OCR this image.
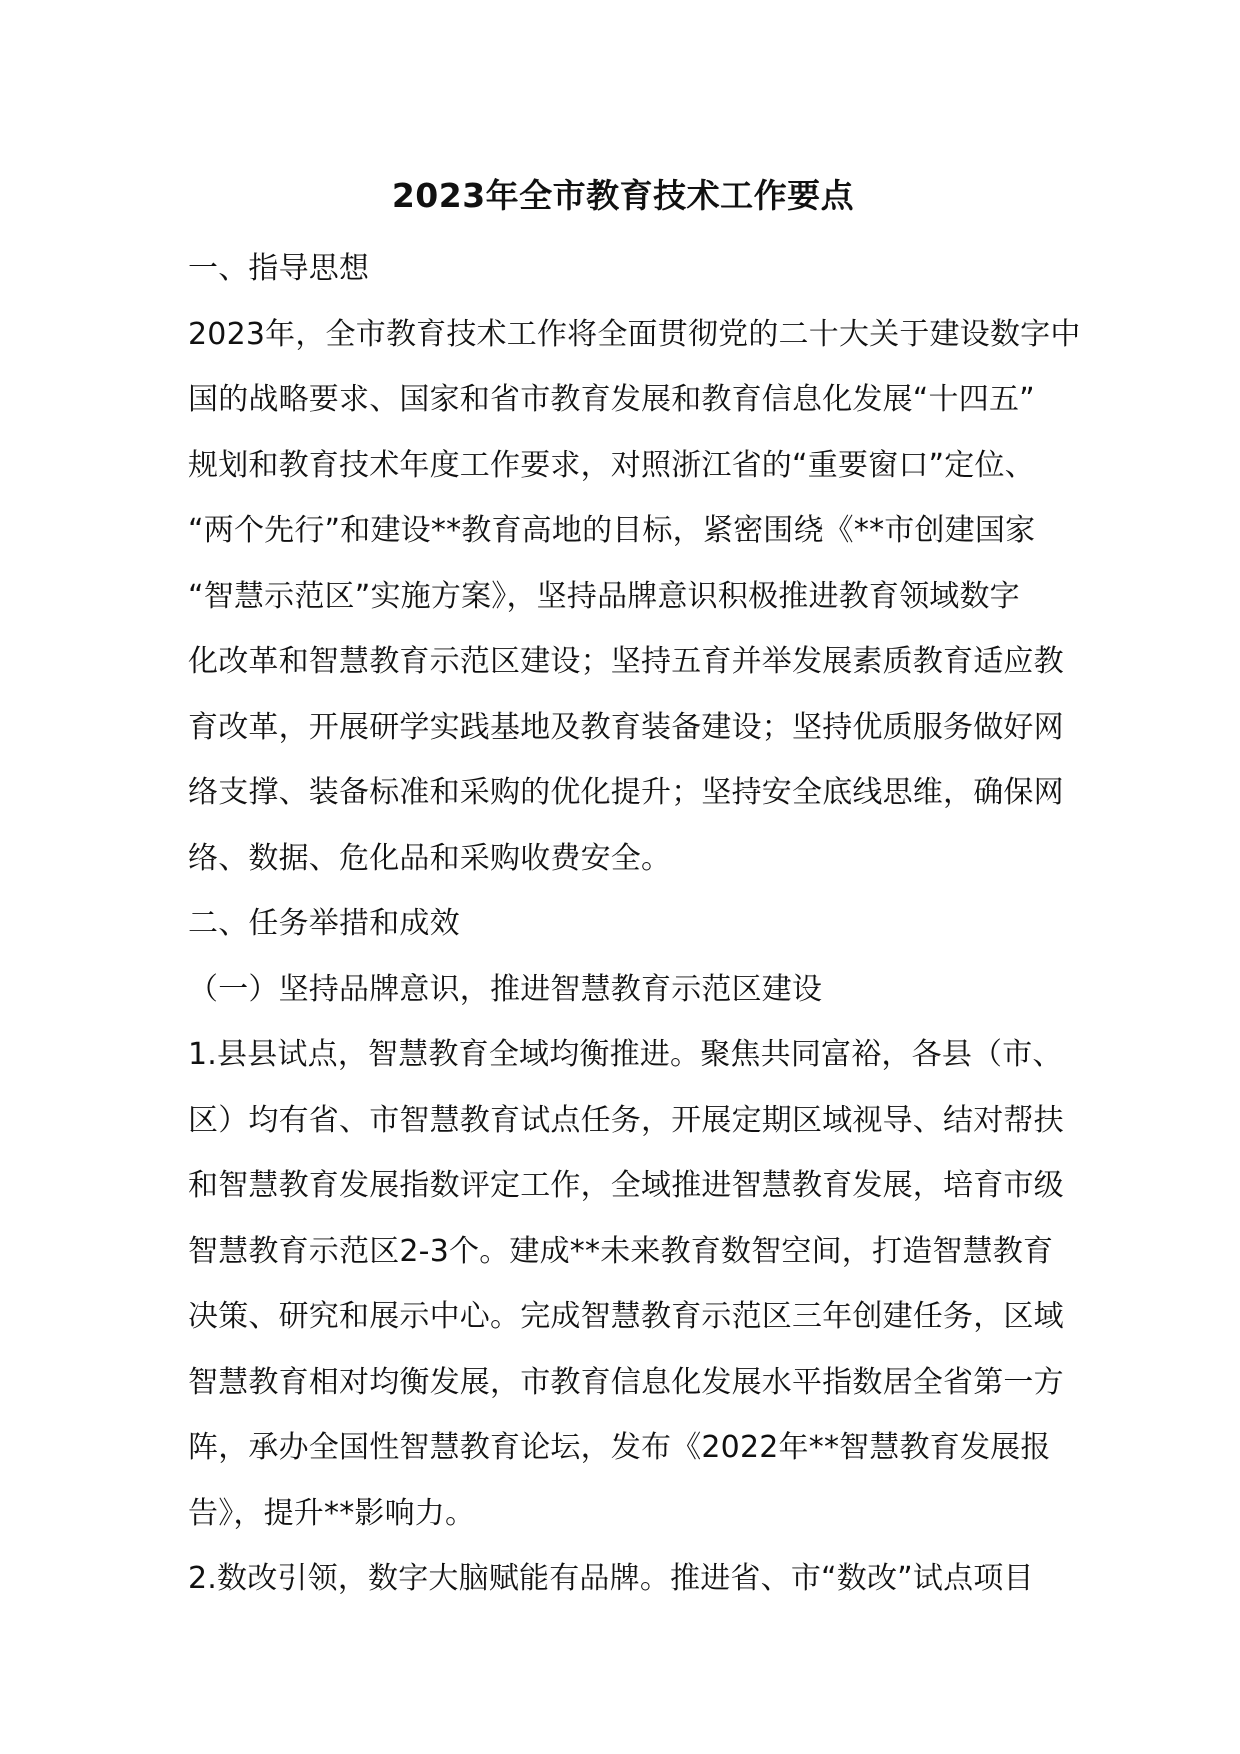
2023年全市教育技术工作要点

一、指导思想

2023年，全市教育技术工作将全面贯彻党的二十大关于建设数字中

国的战略要求、国家和省市教育发展和教育信息化发展“十四五”

规划和教育技术年度工作要求，对照浙江省的“重要窗口”定位、

“两个先行”和建设**教育高地的目标，紧密围绕《**市创建国家

“智慧示范区”实施方案》，坚持品牌意识积极推进教育领域数字

化改革和智慧教育示范区建设；坚持五育并举发展素质教育适应教

育改革，开展研学实践基地及教育装备建设；坚持优质服务做好网

络支撑、装备标准和采购的优化提升；坚持安全底线思维，确保网

络、数据、危化品和采购收费安全。

二、任务举措和成效

（一）坚持品牌意识，推进智慧教育示范区建设

1.县县试点，智慧教育全域均衡推进。聚焦共同富裕，各县（市、

区）均有省、市智慧教育试点任务，开展定期区域视导、结对帮扶

和智慧教育发展指数评定工作，全域推进智慧教育发展，培育市级

智慧教育示范区2-3个。建成**未来教育数智空间，打造智慧教育

决策、研究和展示中心。完成智慧教育示范区三年创建任务，区域

智慧教育相对均衡发展，市教育信息化发展水平指数居全省第一方

阵，承办全国性智慧教育论坛，发布《2022年**智慧教育发展报

告》，提升**影响力。

2.数改引领，数字大脑赋能有品牌。推进省、市“数改”试点项目
